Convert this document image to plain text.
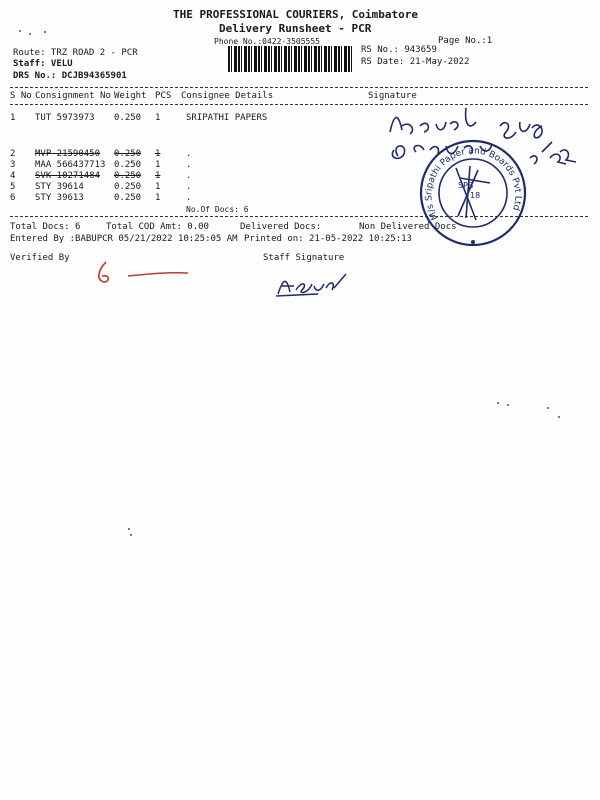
THE PROFESSIONAL COURIERS, Coimbatore
Delivery Runsheet - PCR
Phone No.:0422-3505555	Page No.:1
Route: TRZ ROAD 2 - PCR
Staff: VELU
DRS No.: DCJB94365901
RS No.: 943659
RS Date: 21-May-2022
S No Consignment No Weight PCS Consignee Details	Signature
1 TUT 5973973 0.250 1	SRIPATHI PAPERS
2 MVP 21590450 0.250 1	.
3 MAA 566437713 0.250 1	.
4 SVK 10271484 0.250 1	.
5 STY 39614	0.250 1	.
6 STY 39613	0.250 1	.
No.Of Docs: 6
Total Docs: 6	Total COD Amt: 0.00	Delivered Docs:	Non Delivered Docs
Entered By :BABUPCR 05/21/2022 10:25:05 AM Printed on: 21-05-2022 10:25:13
Verified By	Staff Signature
M/s Sripathi Paper and Boards Pvt Ltd
SPB
18
